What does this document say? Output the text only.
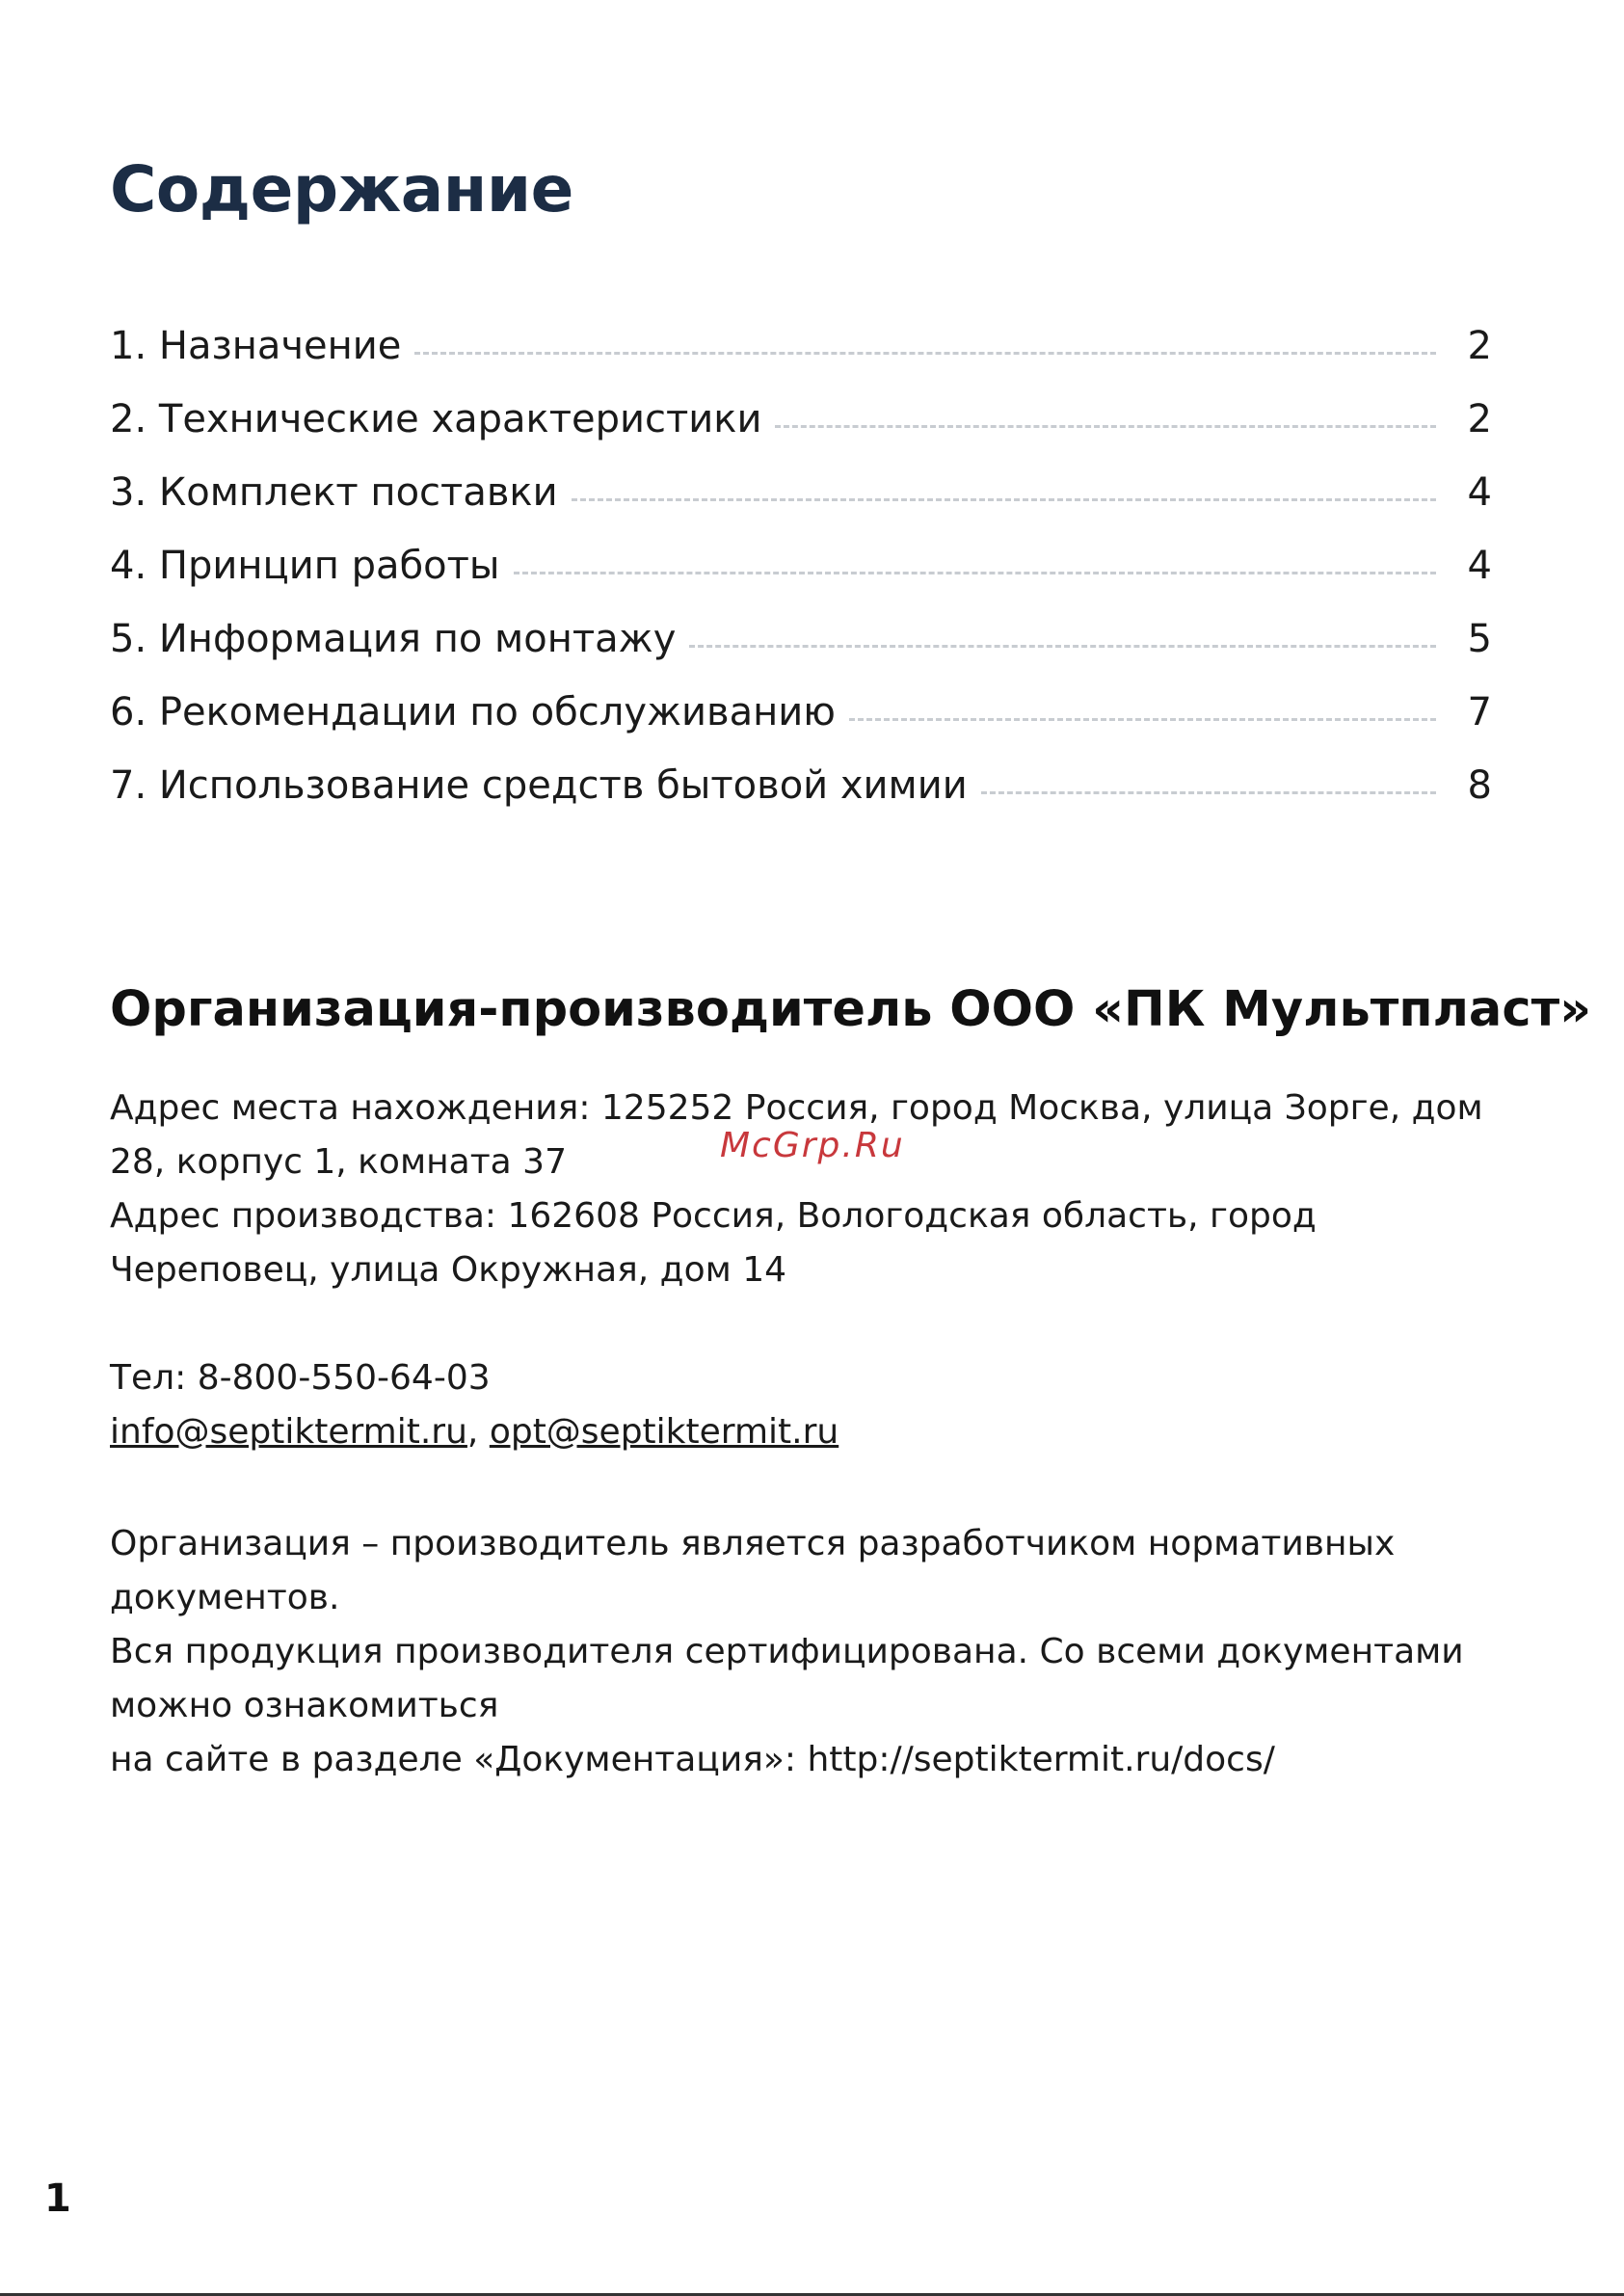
Содержание
1. Назначение	2
2. Технические характеристики	2
3. Комплект поставки	4
4. Принцип работы	4
5. Информация по монтажу	5
6. Рекомендации по обслуживанию	7
7. Использование средств бытовой химии	8
Организация-производитель ООО «ПК Мультпласт»
McGrp.Ru

Адрес места нахождения: 125252 Россия, город Москва, улица Зорге, дом
28, корпус 1, комната 37
Адрес производства: 162608 Россия, Вологодская область, город
Череповец, улица Окружная, дом 14

Тел: 8-800-550-64-03
info@septiktermit.ru, opt@septiktermit.ru

Организация – производитель является разработчиком нормативных
документов.
Вся продукция производителя сертифицирована. Со всеми документами
можно ознакомиться
на сайте в разделе «Документация»: http://septiktermit.ru/docs/

1
